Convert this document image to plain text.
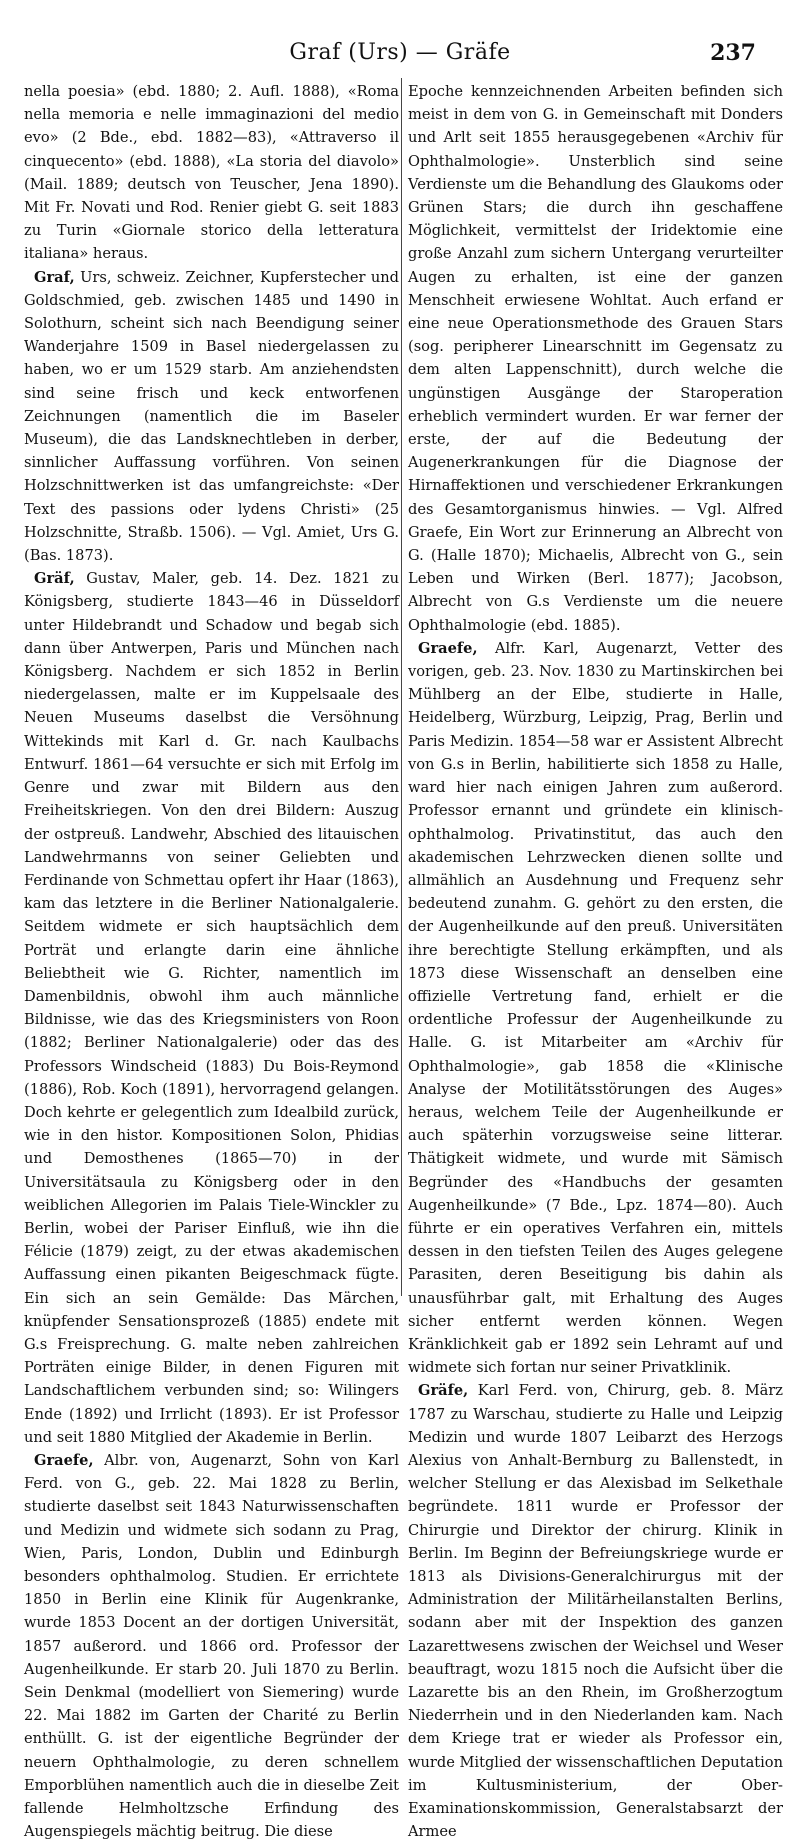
Graf (Urs) — Gräfe	237

nella poesia» (ebd. 1880; 2. Aufl. 1888), «Roma nella memoria e nelle immaginazioni del medio evo» (2 Bde., ebd. 1882—83), «Attraverso il cinquecento» (ebd. 1888), «La storia del diavolo» (Mail. 1889; deutsch von Teuscher, Jena 1890). Mit Fr. Novati und Rod. Renier giebt G. seit 1883 zu Turin «Giornale storico della letteratura italiana» heraus.

Graf, Urs, schweiz. Zeichner, Kupferstecher und Goldschmied, geb. zwischen 1485 und 1490 in Solothurn, scheint sich nach Beendigung seiner Wanderjahre 1509 in Basel niedergelassen zu haben, wo er um 1529 starb. Am anziehendsten sind seine frisch und keck entworfenen Zeichnungen (namentlich die im Baseler Museum), die das Landsknechtleben in derber, sinnlicher Auffassung vorführen. Von seinen Holzschnittwerken ist das umfangreichste: «Der Text des passions oder lydens Christi» (25 Holzschnitte, Straßb. 1506). — Vgl. Amiet, Urs G. (Bas. 1873).

Gräf, Gustav, Maler, geb. 14. Dez. 1821 zu Königsberg, studierte 1843—46 in Düsseldorf unter Hildebrandt und Schadow und begab sich dann über Antwerpen, Paris und München nach Königsberg. Nachdem er sich 1852 in Berlin niedergelassen, malte er im Kuppelsaale des Neuen Museums daselbst die Versöhnung Wittekinds mit Karl d. Gr. nach Kaulbachs Entwurf. 1861—64 versuchte er sich mit Erfolg im Genre und zwar mit Bildern aus den Freiheitskriegen. Von den drei Bildern: Auszug der ostpreuß. Landwehr, Abschied des litauischen Landwehrmanns von seiner Geliebten und Ferdinande von Schmettau opfert ihr Haar (1863), kam das letztere in die Berliner Nationalgalerie. Seitdem widmete er sich hauptsächlich dem Porträt und erlangte darin eine ähnliche Beliebtheit wie G. Richter, namentlich im Damenbildnis, obwohl ihm auch männliche Bildnisse, wie das des Kriegsministers von Roon (1882; Berliner Nationalgalerie) oder das des Professors Windscheid (1883) Du Bois-Reymond (1886), Rob. Koch (1891), hervorragend gelangen. Doch kehrte er gelegentlich zum Idealbild zurück, wie in den histor. Kompositionen Solon, Phidias und Demosthenes (1865—70) in der Universitätsaula zu Königsberg oder in den weiblichen Allegorien im Palais Tiele-Winckler zu Berlin, wobei der Pariser Einfluß, wie ihn die Félicie (1879) zeigt, zu der etwas akademischen Auffassung einen pikanten Beigeschmack fügte. Ein sich an sein Gemälde: Das Märchen, knüpfender Sensationsprozeß (1885) endete mit G.s Freisprechung. G. malte neben zahlreichen Porträten einige Bilder, in denen Figuren mit Landschaftlichem verbunden sind; so: Wilingers Ende (1892) und Irrlicht (1893). Er ist Professor und seit 1880 Mitglied der Akademie in Berlin.

Graefe, Albr. von, Augenarzt, Sohn von Karl Ferd. von G., geb. 22. Mai 1828 zu Berlin, studierte daselbst seit 1843 Naturwissenschaften und Medizin und widmete sich sodann zu Prag, Wien, Paris, London, Dublin und Edinburgh besonders ophthalmolog. Studien. Er errichtete 1850 in Berlin eine Klinik für Augenkranke, wurde 1853 Docent an der dortigen Universität, 1857 außerord. und 1866 ord. Professor der Augenheilkunde. Er starb 20. Juli 1870 zu Berlin. Sein Denkmal (modelliert von Siemering) wurde 22. Mai 1882 im Garten der Charité zu Berlin enthüllt. G. ist der eigentliche Begründer der neuern Ophthalmologie, zu deren schnellem Emporblühen namentlich auch die in dieselbe Zeit fallende Helmholtzsche Erfindung des Augenspiegels mächtig beitrug. Die diese

Epoche kennzeichnenden Arbeiten befinden sich meist in dem von G. in Gemeinschaft mit Donders und Arlt seit 1855 herausgegebenen «Archiv für Ophthalmologie». Unsterblich sind seine Verdienste um die Behandlung des Glaukoms oder Grünen Stars; die durch ihn geschaffene Möglichkeit, vermittelst der Iridektomie eine große Anzahl zum sichern Untergang verurteilter Augen zu erhalten, ist eine der ganzen Menschheit erwiesene Wohltat. Auch erfand er eine neue Operationsmethode des Grauen Stars (sog. peripherer Linearschnitt im Gegensatz zu dem alten Lappenschnitt), durch welche die ungünstigen Ausgänge der Staroperation erheblich vermindert wurden. Er war ferner der erste, der auf die Bedeutung der Augenerkrankungen für die Diagnose der Hirnaffektionen und verschiedener Erkrankungen des Gesamtorganismus hinwies. — Vgl. Alfred Graefe, Ein Wort zur Erinnerung an Albrecht von G. (Halle 1870); Michaelis, Albrecht von G., sein Leben und Wirken (Berl. 1877); Jacobson, Albrecht von G.s Verdienste um die neuere Ophthalmologie (ebd. 1885).

Graefe, Alfr. Karl, Augenarzt, Vetter des vorigen, geb. 23. Nov. 1830 zu Martinskirchen bei Mühlberg an der Elbe, studierte in Halle, Heidelberg, Würzburg, Leipzig, Prag, Berlin und Paris Medizin. 1854—58 war er Assistent Albrecht von G.s in Berlin, habilitierte sich 1858 zu Halle, ward hier nach einigen Jahren zum außerord. Professor ernannt und gründete ein klinisch-ophthalmolog. Privatinstitut, das auch den akademischen Lehrzwecken dienen sollte und allmählich an Ausdehnung und Frequenz sehr bedeutend zunahm. G. gehört zu den ersten, die der Augenheilkunde auf den preuß. Universitäten ihre berechtigte Stellung erkämpften, und als 1873 diese Wissenschaft an denselben eine offizielle Vertretung fand, erhielt er die ordentliche Professur der Augenheilkunde zu Halle. G. ist Mitarbeiter am «Archiv für Ophthalmologie», gab 1858 die «Klinische Analyse der Motilitätsstörungen des Auges» heraus, welchem Teile der Augenheilkunde er auch späterhin vorzugsweise seine litterar. Thätigkeit widmete, und wurde mit Sämisch Begründer des «Handbuchs der gesamten Augenheilkunde» (7 Bde., Lpz. 1874—80). Auch führte er ein operatives Verfahren ein, mittels dessen in den tiefsten Teilen des Auges gelegene Parasiten, deren Beseitigung bis dahin als unausführbar galt, mit Erhaltung des Auges sicher entfernt werden können. Wegen Kränklichkeit gab er 1892 sein Lehramt auf und widmete sich fortan nur seiner Privatklinik.

Gräfe, Karl Ferd. von, Chirurg, geb. 8. März 1787 zu Warschau, studierte zu Halle und Leipzig Medizin und wurde 1807 Leibarzt des Herzogs Alexius von Anhalt-Bernburg zu Ballenstedt, in welcher Stellung er das Alexisbad im Selkethale begründete. 1811 wurde er Professor der Chirurgie und Direktor der chirurg. Klinik in Berlin. Im Beginn der Befreiungskriege wurde er 1813 als Divisions-Generalchirurgus mit der Administration der Militärheilanstalten Berlins, sodann aber mit der Inspektion des ganzen Lazarettwesens zwischen der Weichsel und Weser beauftragt, wozu 1815 noch die Aufsicht über die Lazarette bis an den Rhein, im Großherzogtum Niederrhein und in den Niederlanden kam. Nach dem Kriege trat er wieder als Professor ein, wurde Mitglied der wissenschaftlichen Deputation im Kultusministerium, der Ober-Examinationskommission, Generalstabsarzt der Armee
